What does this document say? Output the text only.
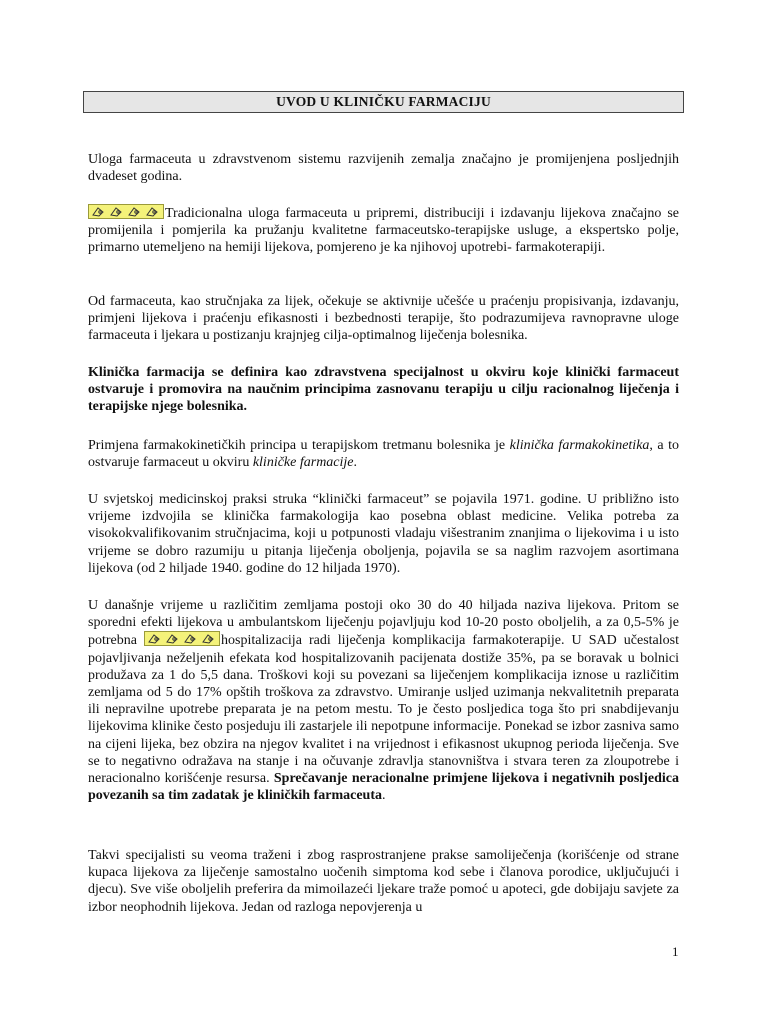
UVOD U KLINIČKU FARMACIJU

Uloga farmaceuta u zdravstvenom sistemu razvijenih zemalja značajno je promijenjena posljednjih dvadeset godina.

Tradicionalna uloga farmaceuta u pripremi, distribuciji i izdavanju lijekova značajno se promijenila i pomjerila ka pružanju kvalitetne farmaceutsko-terapijske usluge, a ekspertsko polje, primarno utemeljeno na hemiji lijekova, pomjereno je ka njihovoj upotrebi- farmakoterapiji.

Od farmaceuta, kao stručnjaka za lijek, očekuje se aktivnije učešće u praćenju propisivanja, izdavanju, primjeni lijekova i praćenju efikasnosti i bezbednosti terapije, što podrazumijeva ravnopravne uloge farmaceuta i ljekara u postizanju krajnjeg cilja-optimalnog liječenja bolesnika.

Klinička farmacija se definira kao zdravstvena specijalnost u okviru koje klinički farmaceut ostvaruje i promovira na naučnim principima zasnovanu terapiju u cilju racionalnog liječenja i terapijske njege bolesnika.

Primjena farmakokinetičkih principa u terapijskom tretmanu bolesnika je klinička farmakokinetika, a to ostvaruje farmaceut u okviru kliničke farmacije.

U svjetskoj medicinskoj praksi struka “klinički farmaceut” se pojavila 1971. godine. U približno isto vrijeme izdvojila se klinička farmakologija kao posebna oblast medicine. Velika potreba za visokokvalifikovanim stručnjacima, koji u potpunosti vladaju višestranim znanjima o lijekovima i u isto vrijeme se dobro razumiju u pitanja liječenja oboljenja, pojavila se sa naglim razvojem asortimana lijekova (od 2 hiljade 1940. godine do 12 hiljada 1970).

U današnje vrijeme u različitim zemljama postoji oko 30 do 40 hiljada naziva lijekova. Pritom se sporedni efekti lijekova u ambulantskom liječenju pojavljuju kod 10-20 posto oboljelih, a za 0,5-5% je potrebna	hospitalizacija radi liječenja komplikacija farmakoterapije. U SAD učestalost pojavljivanja neželjenih efekata kod hospitalizovanih pacijenata dostiže 35%, pa se boravak u bolnici produžava za 1 do 5,5 dana. Troškovi koji su povezani sa liječenjem komplikacija iznose u različitim zemljama od 5 do 17% opštih troškova za zdravstvo. Umiranje usljed uzimanja nekvalitetnih preparata ili nepravilne upotrebe preparata je na petom mestu. To je često posljedica toga što pri snabdijevanju lijekovima klinike često posjeduju ili zastarjele ili nepotpune informacije. Ponekad se izbor zasniva samo na cijeni lijeka, bez obzira na njegov kvalitet i na vrijednost i efikasnost ukupnog perioda liječenja. Sve se to negativno odražava na stanje i na očuvanje zdravlja stanovništva i stvara teren za zloupotrebe i neracionalno korišćenje resursa. Sprečavanje neracionalne primjene lijekova i negativnih posljedica povezanih sa tim zadatak je kliničkih farmaceuta.

Takvi specijalisti su veoma traženi i zbog rasprostranjene prakse samoliječenja (korišćenje od strane kupaca lijekova za liječenje samostalno uočenih simptoma kod sebe i članova porodice, uključujući i djecu). Sve više oboljelih preferira da mimoilazeći ljekare traže pomoć u apoteci, gde dobijaju savjete za izbor neophodnih lijekova. Jedan od razloga nepovjerenja u

1
